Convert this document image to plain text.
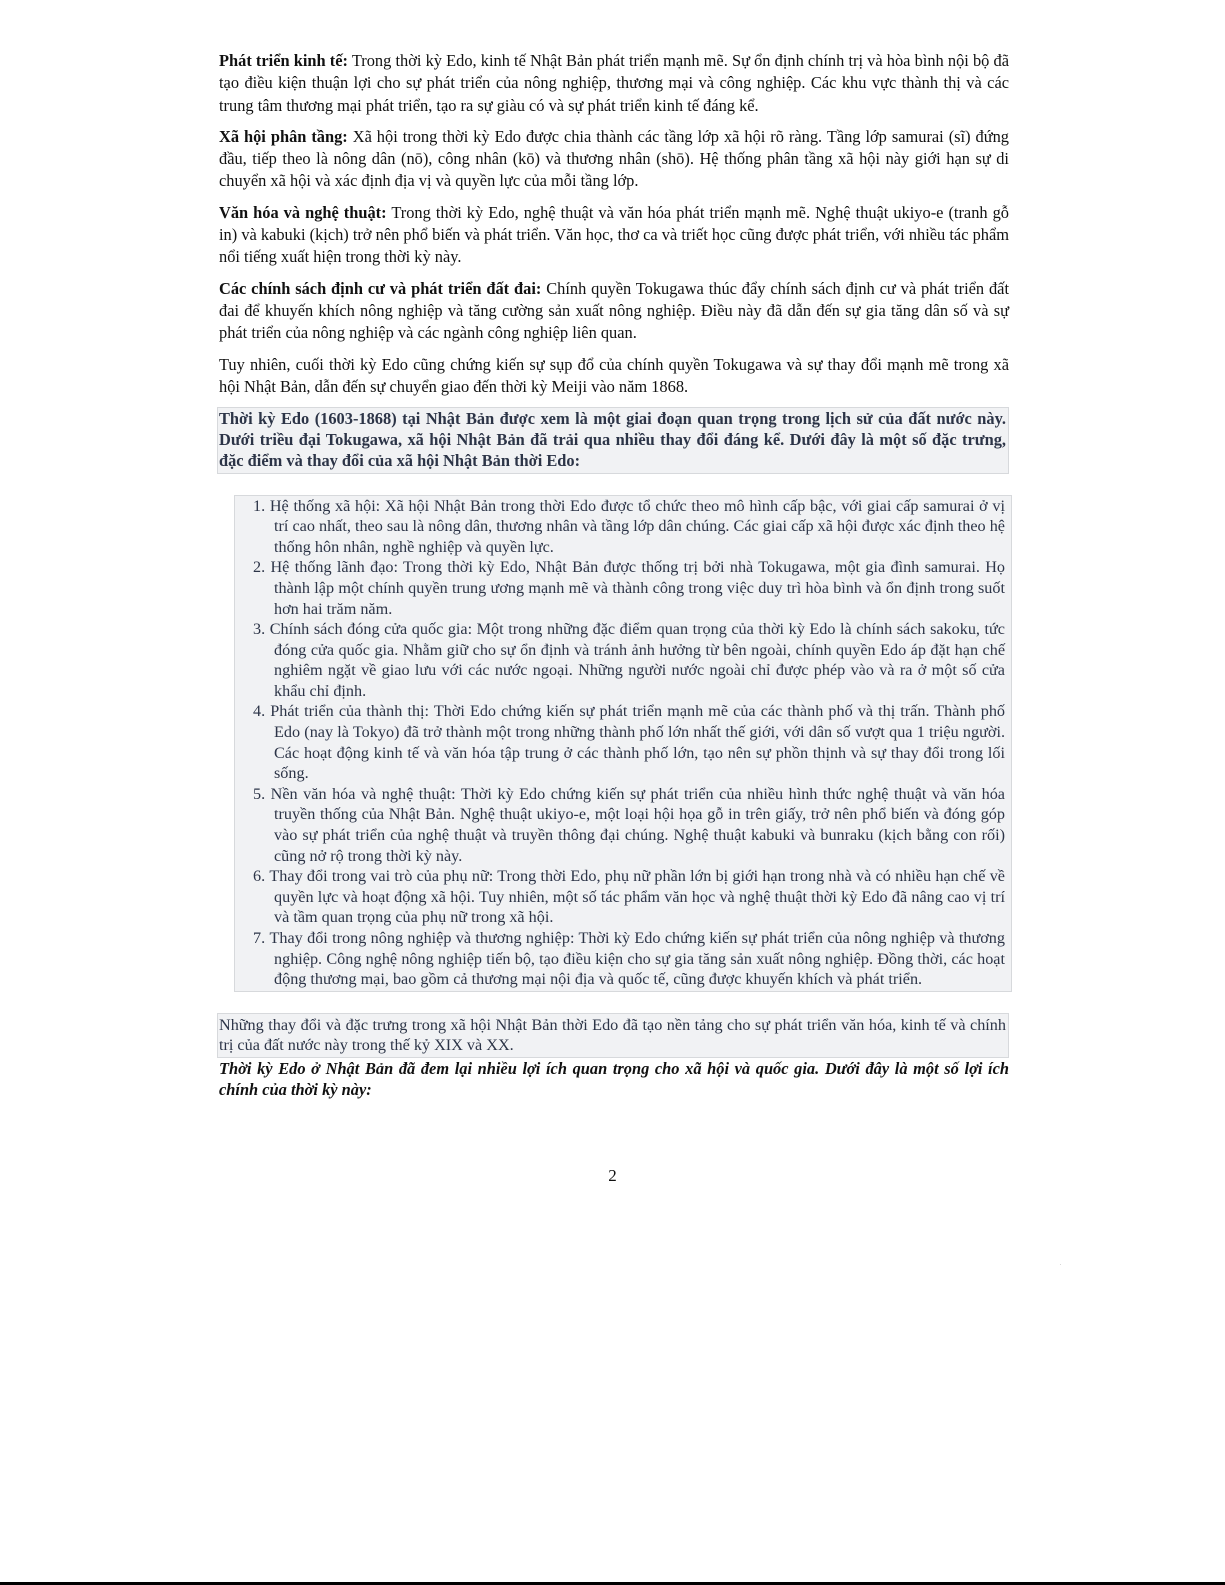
Phát triển kinh tế: Trong thời kỳ Edo, kinh tế Nhật Bản phát triển mạnh mẽ. Sự ổn định chính trị và hòa bình nội bộ đã tạo điều kiện thuận lợi cho sự phát triển của nông nghiệp, thương mại và công nghiệp. Các khu vực thành thị và các trung tâm thương mại phát triển, tạo ra sự giàu có và sự phát triển kinh tế đáng kể.

Xã hội phân tầng: Xã hội trong thời kỳ Edo được chia thành các tầng lớp xã hội rõ ràng. Tầng lớp samurai (sĩ) đứng đầu, tiếp theo là nông dân (nō), công nhân (kō) và thương nhân (shō). Hệ thống phân tầng xã hội này giới hạn sự di chuyển xã hội và xác định địa vị và quyền lực của mỗi tầng lớp.

Văn hóa và nghệ thuật: Trong thời kỳ Edo, nghệ thuật và văn hóa phát triển mạnh mẽ. Nghệ thuật ukiyo-e (tranh gỗ in) và kabuki (kịch) trở nên phổ biến và phát triển. Văn học, thơ ca và triết học cũng được phát triển, với nhiều tác phẩm nổi tiếng xuất hiện trong thời kỳ này.

Các chính sách định cư và phát triển đất đai: Chính quyền Tokugawa thúc đẩy chính sách định cư và phát triển đất đai để khuyến khích nông nghiệp và tăng cường sản xuất nông nghiệp. Điều này đã dẫn đến sự gia tăng dân số và sự phát triển của nông nghiệp và các ngành công nghiệp liên quan.

Tuy nhiên, cuối thời kỳ Edo cũng chứng kiến sự sụp đổ của chính quyền Tokugawa và sự thay đổi mạnh mẽ trong xã hội Nhật Bản, dẫn đến sự chuyển giao đến thời kỳ Meiji vào năm 1868.

Thời kỳ Edo (1603-1868) tại Nhật Bản được xem là một giai đoạn quan trọng trong lịch sử của đất nước này. Dưới triều đại Tokugawa, xã hội Nhật Bản đã trải qua nhiều thay đổi đáng kể. Dưới đây là một số đặc trưng, đặc điểm và thay đổi của xã hội Nhật Bản thời Edo:
1. Hệ thống xã hội: Xã hội Nhật Bản trong thời Edo được tổ chức theo mô hình cấp bậc, với giai cấp samurai ở vị trí cao nhất, theo sau là nông dân, thương nhân và tầng lớp dân chúng. Các giai cấp xã hội được xác định theo hệ thống hôn nhân, nghề nghiệp và quyền lực.
2. Hệ thống lãnh đạo: Trong thời kỳ Edo, Nhật Bản được thống trị bởi nhà Tokugawa, một gia đình samurai. Họ thành lập một chính quyền trung ương mạnh mẽ và thành công trong việc duy trì hòa bình và ổn định trong suốt hơn hai trăm năm.
3. Chính sách đóng cửa quốc gia: Một trong những đặc điểm quan trọng của thời kỳ Edo là chính sách sakoku, tức đóng cửa quốc gia. Nhằm giữ cho sự ổn định và tránh ảnh hưởng từ bên ngoài, chính quyền Edo áp đặt hạn chế nghiêm ngặt về giao lưu với các nước ngoại. Những người nước ngoài chỉ được phép vào và ra ở một số cửa khẩu chỉ định.
4. Phát triển của thành thị: Thời Edo chứng kiến sự phát triển mạnh mẽ của các thành phố và thị trấn. Thành phố Edo (nay là Tokyo) đã trở thành một trong những thành phố lớn nhất thế giới, với dân số vượt qua 1 triệu người. Các hoạt động kinh tế và văn hóa tập trung ở các thành phố lớn, tạo nên sự phồn thịnh và sự thay đổi trong lối sống.
5. Nền văn hóa và nghệ thuật: Thời kỳ Edo chứng kiến sự phát triển của nhiều hình thức nghệ thuật và văn hóa truyền thống của Nhật Bản. Nghệ thuật ukiyo-e, một loại hội họa gỗ in trên giấy, trở nên phổ biến và đóng góp vào sự phát triển của nghệ thuật và truyền thông đại chúng. Nghệ thuật kabuki và bunraku (kịch bằng con rối) cũng nở rộ trong thời kỳ này.
6. Thay đổi trong vai trò của phụ nữ: Trong thời Edo, phụ nữ phần lớn bị giới hạn trong nhà và có nhiều hạn chế về quyền lực và hoạt động xã hội. Tuy nhiên, một số tác phẩm văn học và nghệ thuật thời kỳ Edo đã nâng cao vị trí và tầm quan trọng của phụ nữ trong xã hội.
7. Thay đổi trong nông nghiệp và thương nghiệp: Thời kỳ Edo chứng kiến sự phát triển của nông nghiệp và thương nghiệp. Công nghệ nông nghiệp tiến bộ, tạo điều kiện cho sự gia tăng sản xuất nông nghiệp. Đồng thời, các hoạt động thương mại, bao gồm cả thương mại nội địa và quốc tế, cũng được khuyến khích và phát triển.
Những thay đổi và đặc trưng trong xã hội Nhật Bản thời Edo đã tạo nền tảng cho sự phát triển văn hóa, kinh tế và chính trị của đất nước này trong thế kỷ XIX và XX.

Thời kỳ Edo ở Nhật Bản đã đem lại nhiều lợi ích quan trọng cho xã hội và quốc gia. Dưới đây là một số lợi ích chính của thời kỳ này:

2
